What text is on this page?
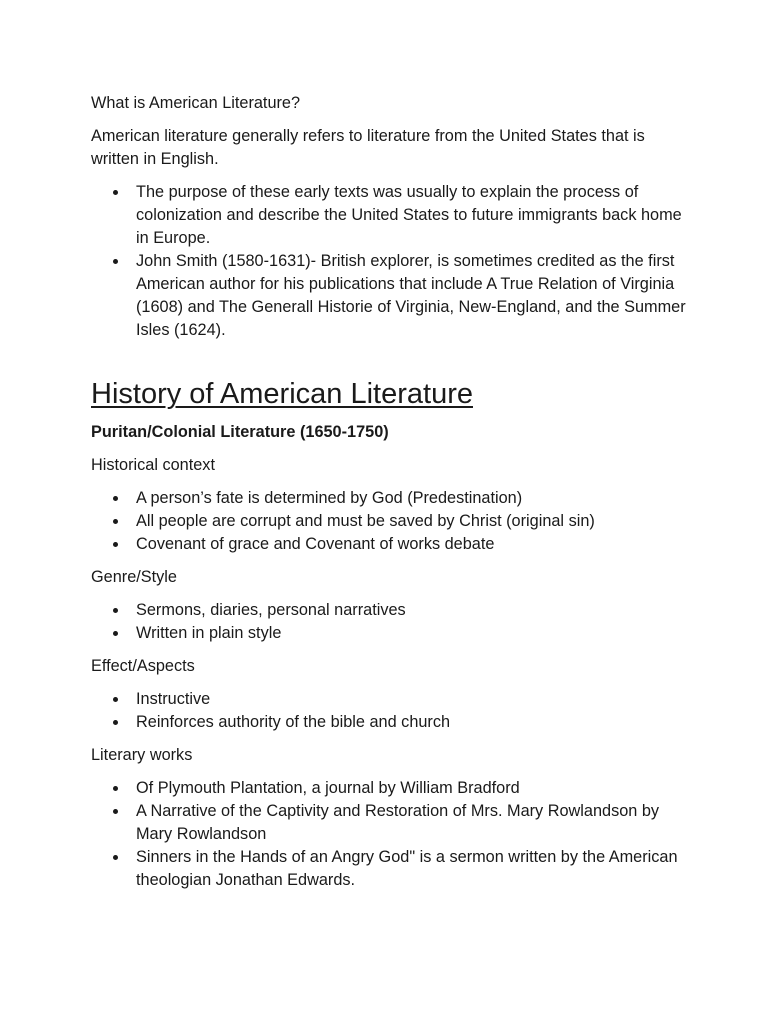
What is American Literature?

American literature generally refers to literature from the United States that is written in English.

The purpose of these early texts was usually to explain the process of colonization and describe the United States to future immigrants back home in Europe.
John Smith (1580-1631)- British explorer, is sometimes credited as the first American author for his publications that include A True Relation of Virginia (1608) and The Generall Historie of Virginia, New-England, and the Summer Isles (1624).
History of American Literature

Puritan/Colonial Literature (1650-1750)

Historical context

A person’s fate is determined by God (Predestination)
All people are corrupt and must be saved by Christ (original sin)
Covenant of grace and Covenant of works debate

Genre/Style

Sermons, diaries, personal narratives
Written in plain style

Effect/Aspects

Instructive
Reinforces authority of the bible and church

Literary works

Of Plymouth Plantation, a journal by William Bradford
A Narrative of the Captivity and Restoration of Mrs. Mary Rowlandson by Mary Rowlandson
Sinners in the Hands of an Angry God" is a sermon written by the American theologian Jonathan Edwards.
